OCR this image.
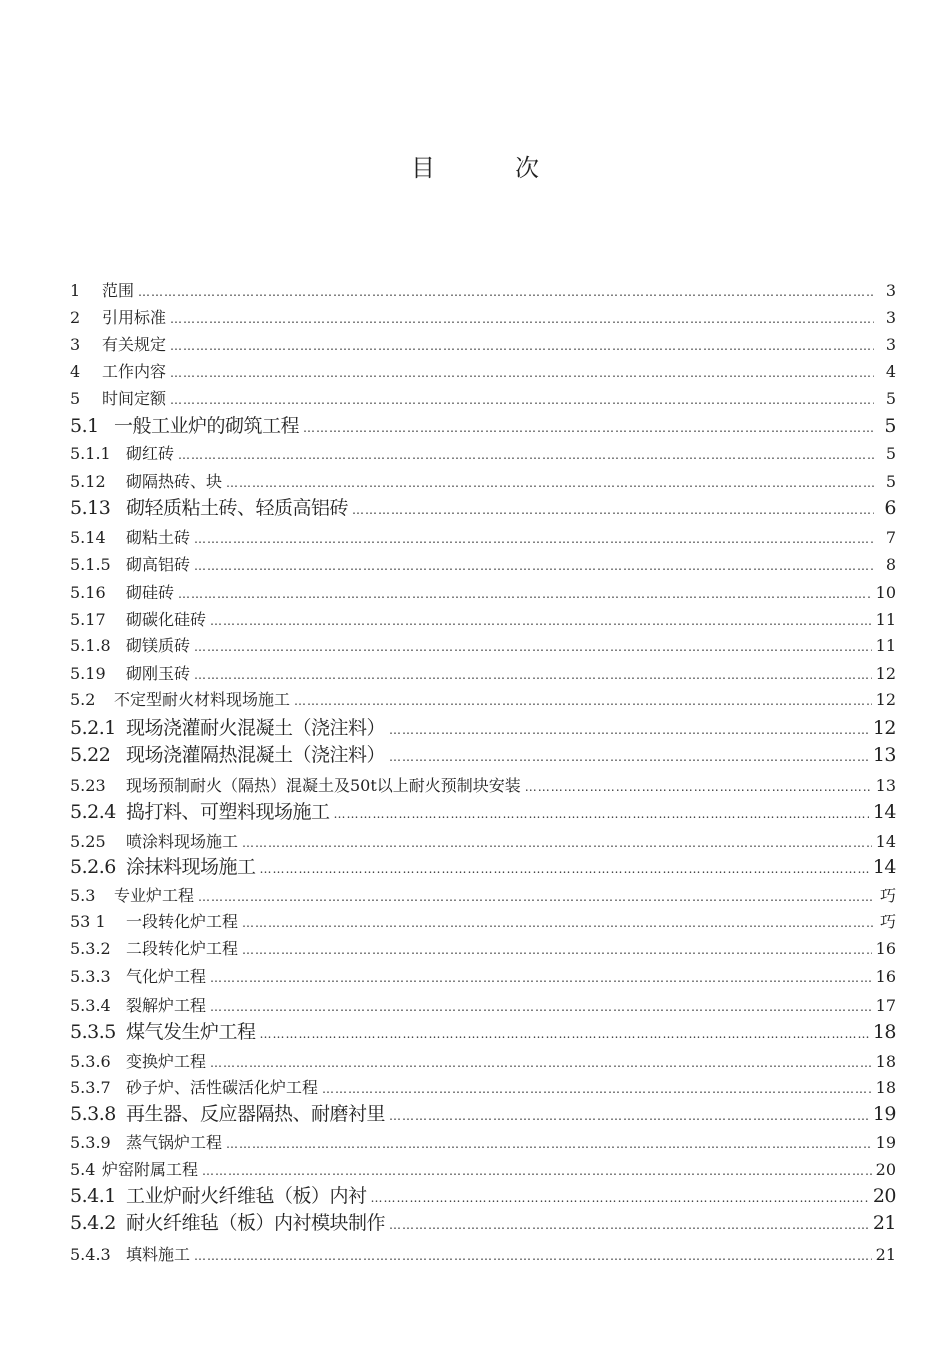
目	次
1	范围 ……………………………………………………………………………………………………………………………………………………………………………………………………………………………………	3
2	引用标准 ……………………………………………………………………………………………………………………………………………………………………………………………………………………………………	3
3	有关规定 ……………………………………………………………………………………………………………………………………………………………………………………………………………………………………	3
4	工作内容 ……………………………………………………………………………………………………………………………………………………………………………………………………………………………………	4
5	时间定额 ……………………………………………………………………………………………………………………………………………………………………………………………………………………………………	5
5.1 一般工业炉的砌筑工程 ……………………………………………………………………………………………………………………………………………………………………………………………………………………………………	5
5.1.1 砌红砖 ……………………………………………………………………………………………………………………………………………………………………………………………………………………………………	5
5.12	砌隔热砖、块 ……………………………………………………………………………………………………………………………………………………………………………………………………………………………………	5
5.13 砌轻质粘土砖、轻质高铝砖 ……………………………………………………………………………………………………………………………………………………………………………………………………………………………………	6
5.14	砌粘土砖 ……………………………………………………………………………………………………………………………………………………………………………………………………………………………………	7
5.1.5 砌高铝砖 ……………………………………………………………………………………………………………………………………………………………………………………………………………………………………	8
5.16	砌硅砖 ……………………………………………………………………………………………………………………………………………………………………………………………………………………………………	10
5.17	砌碳化硅砖 ……………………………………………………………………………………………………………………………………………………………………………………………………………………………………	11
5.1.8 砌镁质砖 ……………………………………………………………………………………………………………………………………………………………………………………………………………………………………	11
5.19	砌刚玉砖 ……………………………………………………………………………………………………………………………………………………………………………………………………………………………………	12
5.2	不定型耐火材料现场施工 ……………………………………………………………………………………………………………………………………………………………………………………………………………………………………	12
5.2.1 现场浇灌耐火混凝土（浇注料） ……………………………………………………………………………………………………………………………………………………………………………………………………………………………………	12
5.22 现场浇灌隔热混凝土（浇注料） ……………………………………………………………………………………………………………………………………………………………………………………………………………………………………	13
5.23	现场预制耐火（隔热）混凝土及50t以上耐火预制块安装 ……………………………………………………………………………………………………………………………………………………………………………………………………………………………………	13
5.2.4 捣打料、可塑料现场施工 ……………………………………………………………………………………………………………………………………………………………………………………………………………………………………	14
5.25	喷涂料现场施工 ……………………………………………………………………………………………………………………………………………………………………………………………………………………………………	14
5.2.6 涂抹料现场施工 ……………………………………………………………………………………………………………………………………………………………………………………………………………………………………	14
5.3	专业炉工程 ……………………………………………………………………………………………………………………………………………………………………………………………………………………………………	巧
53 1	一段转化炉工程 ……………………………………………………………………………………………………………………………………………………………………………………………………………………………………	巧
5.3.2 二段转化炉工程 ……………………………………………………………………………………………………………………………………………………………………………………………………………………………………	16
5.3.3 气化炉工程 ……………………………………………………………………………………………………………………………………………………………………………………………………………………………………	16
5.3.4 裂解炉工程 ……………………………………………………………………………………………………………………………………………………………………………………………………………………………………	17
5.3.5 煤气发生炉工程 ……………………………………………………………………………………………………………………………………………………………………………………………………………………………………	18
5.3.6 变换炉工程 ……………………………………………………………………………………………………………………………………………………………………………………………………………………………………	18
5.3.7 砂子炉、活性碳活化炉工程 ……………………………………………………………………………………………………………………………………………………………………………………………………………………………………	18
5.3.8 再生器、反应器隔热、耐磨衬里 ……………………………………………………………………………………………………………………………………………………………………………………………………………………………………	19
5.3.9 蒸气锅炉工程 ……………………………………………………………………………………………………………………………………………………………………………………………………………………………………	19
5.4 炉窑附属工程 ……………………………………………………………………………………………………………………………………………………………………………………………………………………………………	20
5.4.1 工业炉耐火纤维毡（板）内衬 ……………………………………………………………………………………………………………………………………………………………………………………………………………………………………	20
5.4.2 耐火纤维毡（板）内衬模块制作 ……………………………………………………………………………………………………………………………………………………………………………………………………………………………………	21
5.4.3 填料施工 ……………………………………………………………………………………………………………………………………………………………………………………………………………………………………	21
